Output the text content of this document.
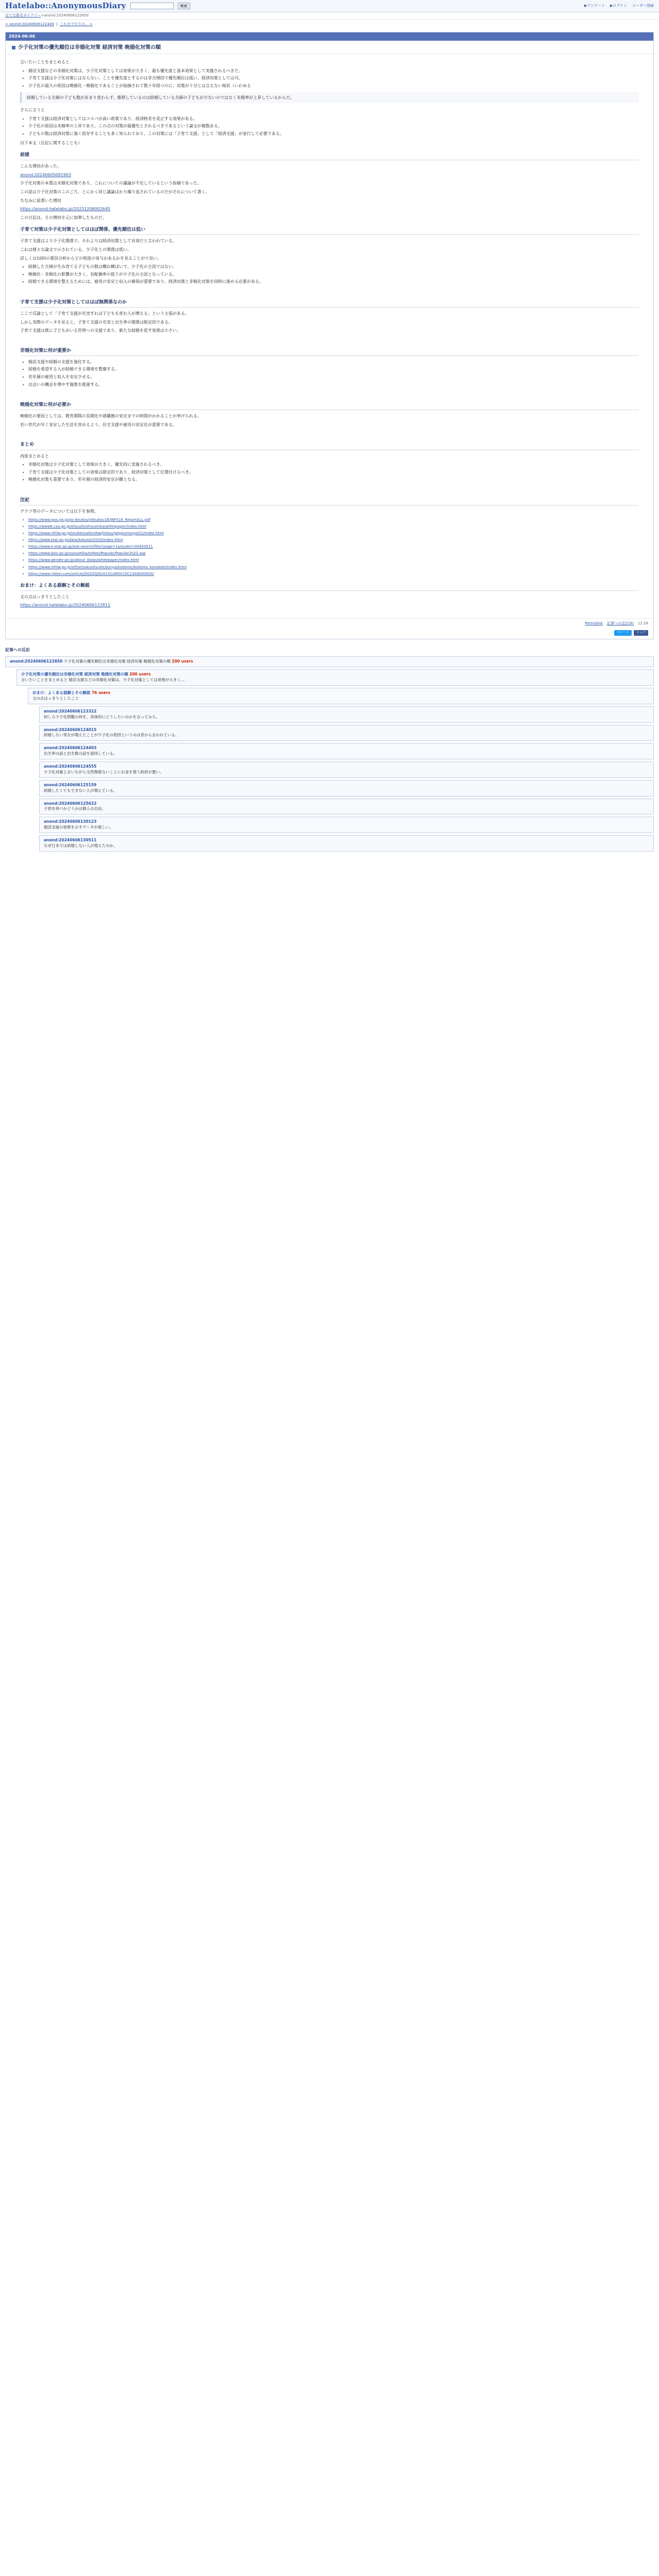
Hatelabo::AnonymousDiary	検索	▶アンケート ▶ログイン ユーザー登録
はてな匿名ダイアリー > anond:20240606122850
< anond:20240606122449  |  これまでやりの... >
2024-06-06
少子化対策の優先順位は非婚化対策 経済対策 晩婚化対策の順

言いたいことをまとめると

• 婚活支援などの非婚化対策は、少子化対策としては効果が大きく、最も優先度と基本効果として実施されるべきだ。
• 子育て支援は少子化対策にはならない。ことを優先度とするのは非合理的で優先順位は低い。経済対策としては可。
• 少子化の最大の原因は晩婚化・晩婚化であることが指摘されて数十年経つのに、対策が十分とは言えない現状（いわゆる
結婚している夫婦の子ども数があまり変わらず、推移しているのは結婚している夫婦の子どもが少ないのではなく未婚率が上昇しているからだ。

さらに言うと

• 子育て支援は経済対策としてはコスパが高い政策であり、経済格差を是正する効果がある。
• 少子化の原因は未婚率の上昇であり、この点の対策が最優先とされるべきであるという論文が複数ある。
• 子どもの数は経済対策に強く依存することも多く知られており、この対策には「子育て支援」として「経済支援」が並行して必要である。

以下本文（注記に関することも）

前提

こんな増田があった。

anond:20240605091903

少子化対策の本質は未婚化対策であり、これについての議論が不足しているという指摘であった。

この話は少子化対策のこのごろ、とにかく同じ議論ばかり繰り返されているのだがそれについて書く。

ちなみに前書いた増田

https://anond.hatelabo.jp/20231206002645

この日記は、その増田を元に加筆したものだ。

子育て対策は少子化対策としてはほぼ関係、優先順位は低い

子育て支援はより少子化関係で、それよりは経済対策として有効だと言われている。

これは様々な論文で示されている。少子化との関係は低い。

詳しくは10回の要因分析からどの程度の寄与があるかを見ることがで良い。

• 結婚した夫婦が生み育てる子どもの数は概ね横ばいで、少子化の主因ではない。
• 晩婚化・非婚化の影響が大きく、有配偶率の低下が少子化の主因となっている。
• 結婚できる環境を整えるためには、雇用の安定と収入の確保が重要であり、経済対策と非婚化対策を同時に進める必要がある。
子育て支援は少子化対策としてはほぼ無関係なのか

ここで反論として「子育て支援が充実すれば子どもを産む人が増える」という主張がある。

しかし実際のデータを見ると、子育て支援の充実と出生率の関係は限定的である。

子育て支援は既に子どもがいる世帯への支援であり、新たな結婚を促す効果は小さい。

非婚化対策に何が重要か
• 婚活支援や結婚の支援を強化する。
• 結婚を希望する人が結婚できる環境を整備する。
• 若年層の雇用と収入を安定させる。
• 出会いの機会を増やす施策を推進する。
晩婚化対策に何が必要か

晩婚化の要因としては、教育期間の長期化や就職後の安定までの時間がかかることが挙げられる。

若い世代が早く安定した生活を営めるよう、住宅支援や雇用の安定化が重要である。

まとめ

再度まとめると

• 非婚化対策は少子化対策として効果が大きく、優先的に実施されるべき。
• 子育て支援は少子化対策としての効果は限定的であり、経済対策として位置付けるべき。
• 晩婚化対策も重要であり、若年層の経済的安定が鍵となる。
注記

グラフ等のデータについては以下を参照。

• https://www.ipss.go.jp/ps-doukou/j/doukou16/JNFS16_ReportALL.pdf
• https://www8.cao.go.jp/shoushi/shoushika/whitepaper/index.html
• https://www.mhlw.go.jp/toukei/saikin/hw/jinkou/geppo/nengai22/index.html
• https://www.stat.go.jp/data/kokusei/2020/index.html
• https://www.e-stat.go.jp/stat-search/files?page=1&toukei=00450011
• https://www.ipss.go.jp/syoushika/tohkei/Popular/Popular2023.asp
• https://www.gender.go.jp/about_danjo/whitepaper/index.html
• https://www.mhlw.go.jp/stf/seisakunitsuite/bunya/kodomo/kodomo_kosodate/index.html
• https://www.nikkei.com/article/DGXZQOUA151AM0V10C23A6000000/
おまけ：よくある誤解とその解説

文の点はっきりとしたこと

https://anond.hatelabo.jp/20240606122811

Permalink 記事への反応(9) 12:28
ツイート	シェア
記事への反応
anond:20240606122850 少子化対策の優先順位は非婚化対策 経済対策 晩婚化対策の順 200 users
少子化対策の優先順位は非婚化対策 経済対策 晩婚化対策の順 200 users
言いたいことをまとめると 婚活支援などの非婚化対策は、少子化対策としては効果が大きく…
おまけ：よくある誤解とその解説 76 users
文の点はっきりとしたこと
anond:20240606123322
何しろ少子化問題の何を、具体的にどうしたいのかを言ってみろ。
anond:20240606124015
結婚しない男女が増えたことが少子化の原因というのは昔から言われている。
anond:20240606124403
出生率の話と出生数の話を混同している。
anond:20240606124555
少子化対策と言いながら全然関係ないことにお金を使う政府が悪い。
anond:20240606125159
結婚したくてもできない人が増えている。
anond:20240606125622
子供を持つかどうかは個人の自由。
anond:20240606130123
婚活支援の効果を示すデータが欲しい。
anond:20240606130511
なぜ日本では結婚しない人が増えたのか。
